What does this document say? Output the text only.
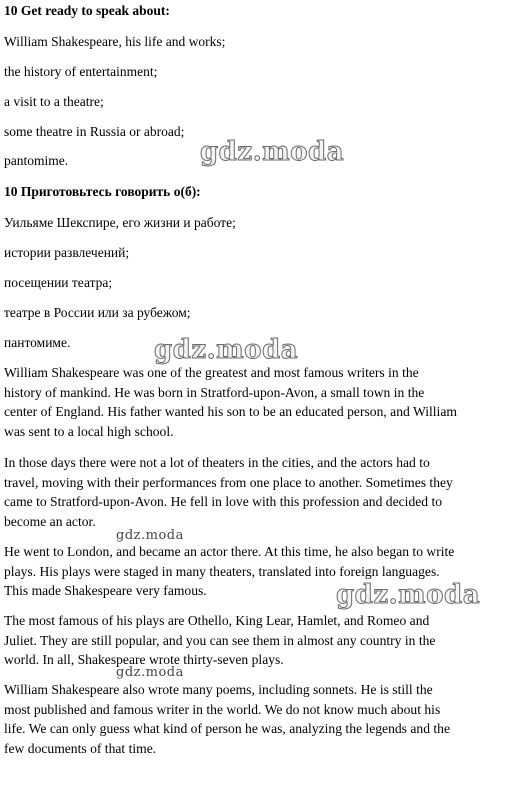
10 Get ready to speak about:
William Shakespeare, his life and works;
the history of entertainment;
a visit to a theatre;
some theatre in Russia or abroad;
pantomime.
10 Приготовьтесь говорить о(б):
Уильяме Шекспире, его жизни и работе;
истории развлечений;
посещении театра;
театре в России или за рубежом;
пантомиме.
William Shakespeare was one of the greatest and most famous writers in the
history of mankind. He was born in Stratford-upon-Avon, a small town in the
center of England. His father wanted his son to be an educated person, and William
was sent to a local high school.
In those days there were not a lot of theaters in the cities, and the actors had to
travel, moving with their performances from one place to another. Sometimes they
came to Stratford-upon-Avon. He fell in love with this profession and decided to
become an actor.
He went to London, and became an actor there. At this time, he also began to write
plays. His plays were staged in many theaters, translated into foreign languages.
This made Shakespeare very famous.
The most famous of his plays are Othello, King Lear, Hamlet, and Romeo and
Juliet. They are still popular, and you can see them in almost any country in the
world. In all, Shakespeare wrote thirty-seven plays.
William Shakespeare also wrote many poems, including sonnets. He is still the
most published and famous writer in the world. We do not know much about his
life. We can only guess what kind of person he was, analyzing the legends and the
few documents of that time.
gdz.moda
gdz.moda
gdz.moda
gdz.moda
gdz.moda
